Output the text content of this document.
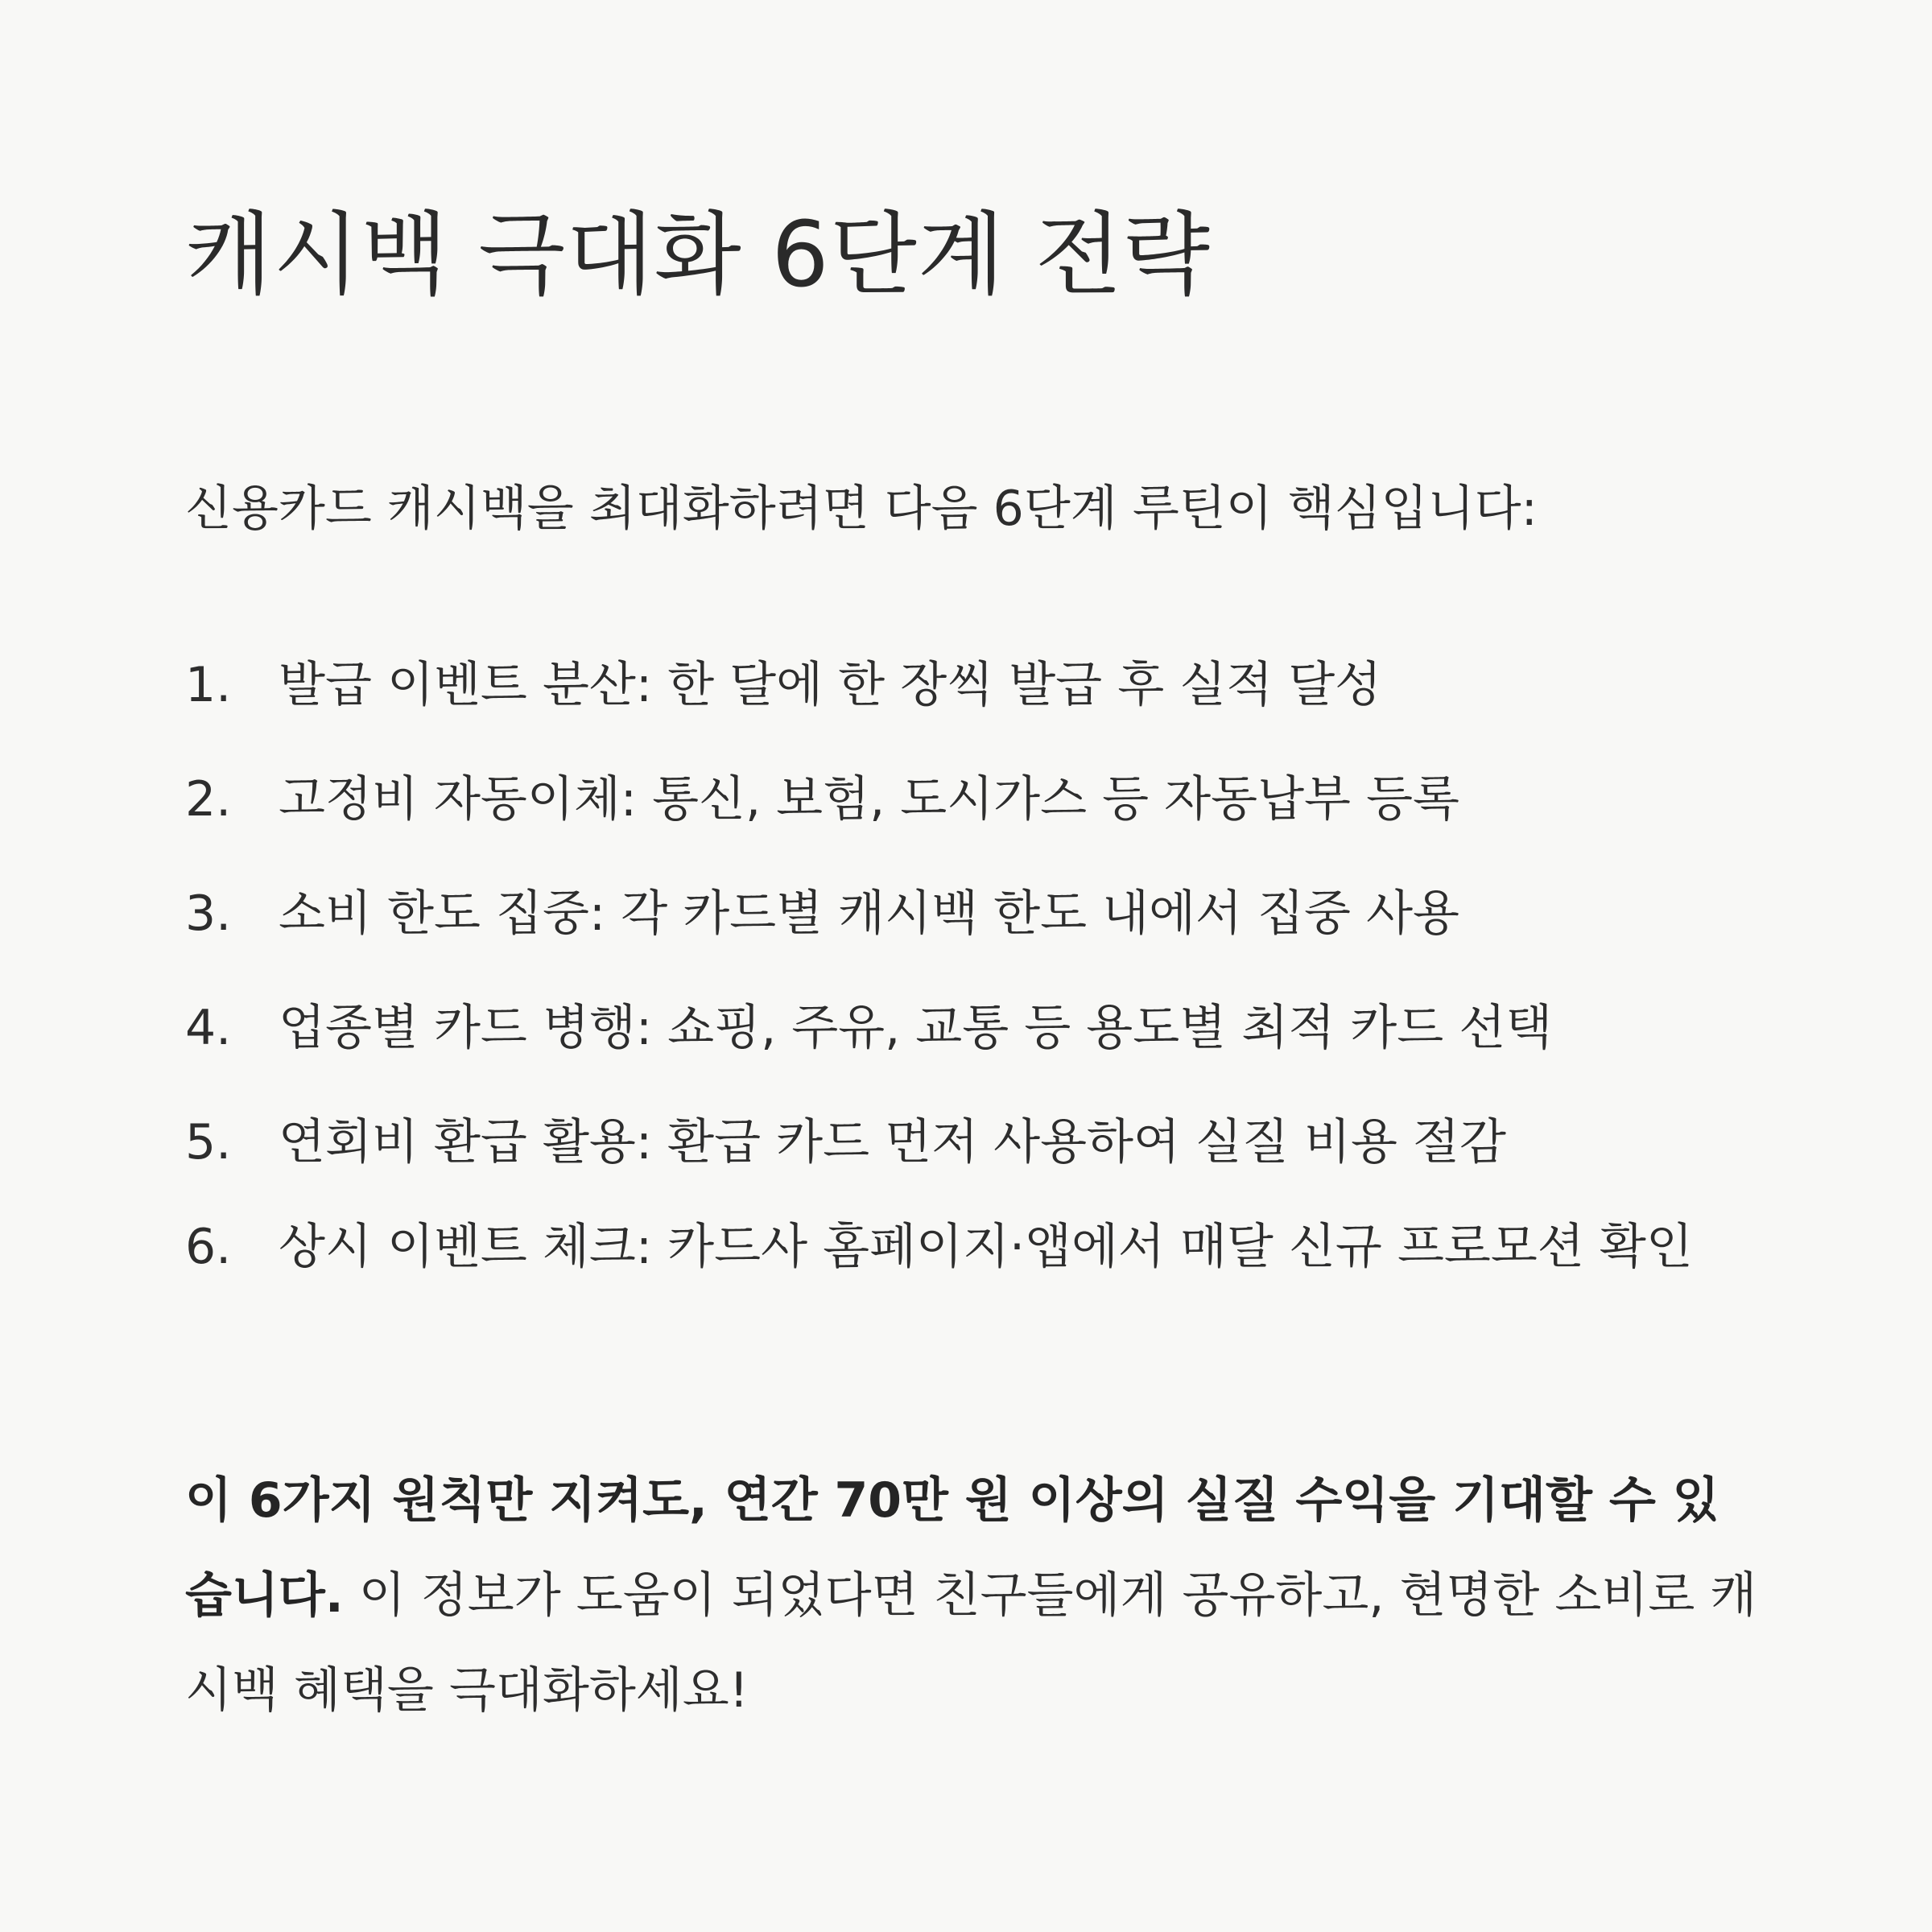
캐시백 극대화 6단계 전략

신용카드 캐시백을 최대화하려면 다음 6단계 루틴이 핵심입니다:

1. 발급 이벤트 분산: 한 달에 한 장씩 발급 후 실적 달성
2. 고정비 자동이체: 통신, 보험, 도시가스 등 자동납부 등록
3. 소비 한도 집중: 각 카드별 캐시백 한도 내에서 집중 사용
4. 업종별 카드 병행: 쇼핑, 주유, 교통 등 용도별 최적 카드 선택
5. 연회비 환급 활용: 환급 카드 먼저 사용하여 실질 비용 절감
6. 상시 이벤트 체크: 카드사 홈페이지·앱에서 매달 신규 프로모션 확인

이 6가지 원칙만 지켜도, 연간 70만 원 이상의 실질 수익을 기대할 수 있습니다. 이 정보가 도움이 되었다면 친구들에게 공유하고, 현명한 소비로 캐시백 혜택을 극대화하세요!
